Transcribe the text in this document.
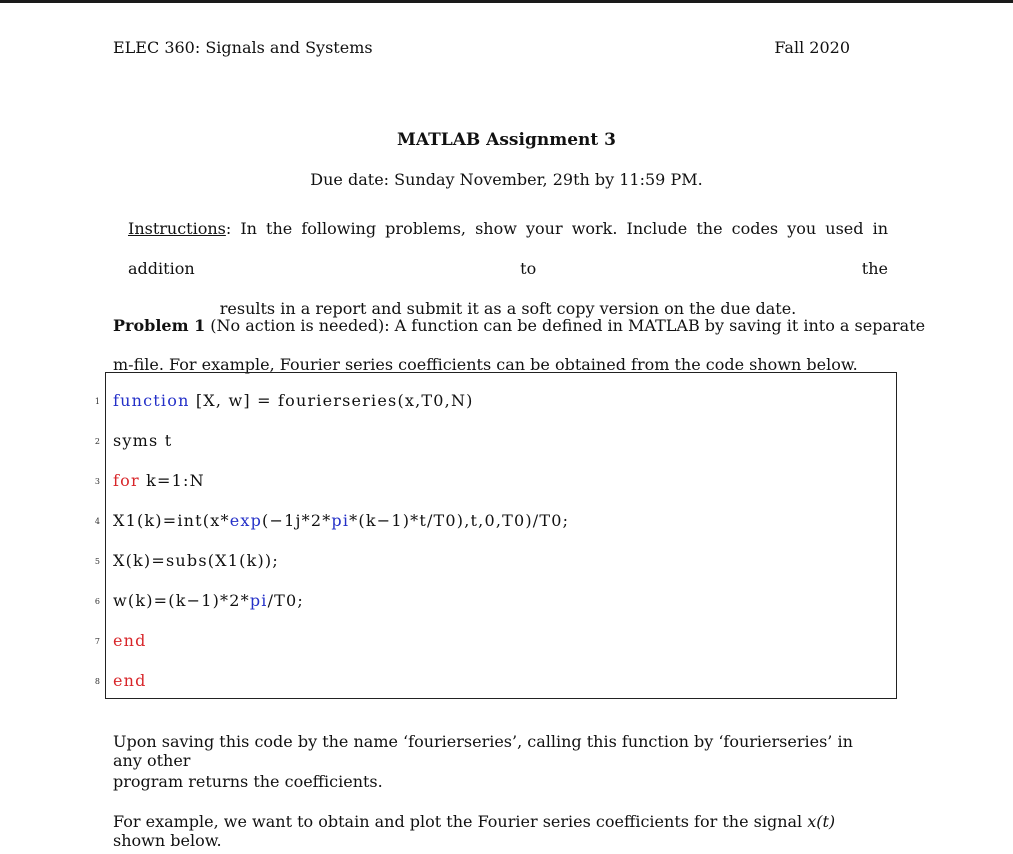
ELEC 360: Signals and Systems	Fall 2020
MATLAB Assignment 3
Due date: Sunday November, 29th by 11:59 PM.
Instructions: In the following problems, show your work. Include the codes you used in addition to the
results in a report and submit it as a soft copy version on the due date.
Problem 1 (No action is needed): A function can be defined in MATLAB by saving it into a separate
m-file. For example, Fourier series coefficients can be obtained from the code shown below.
1
2
3
4
5
6
7
8
function [X, w] = fourierseries(x,T0,N)
syms t
for k=1:N
X1(k)=int(x*exp(−1j*2*pi*(k−1)*t/T0),t,0,T0)/T0;
X(k)=subs(X1(k));
w(k)=(k−1)*2*pi/T0;
end
end
Upon saving this code by the name ‘fourierseries’, calling this function by ‘fourierseries’ in any other
program returns the coefficients.
For example, we want to obtain and plot the Fourier series coefficients for the signal x(t) shown below.
